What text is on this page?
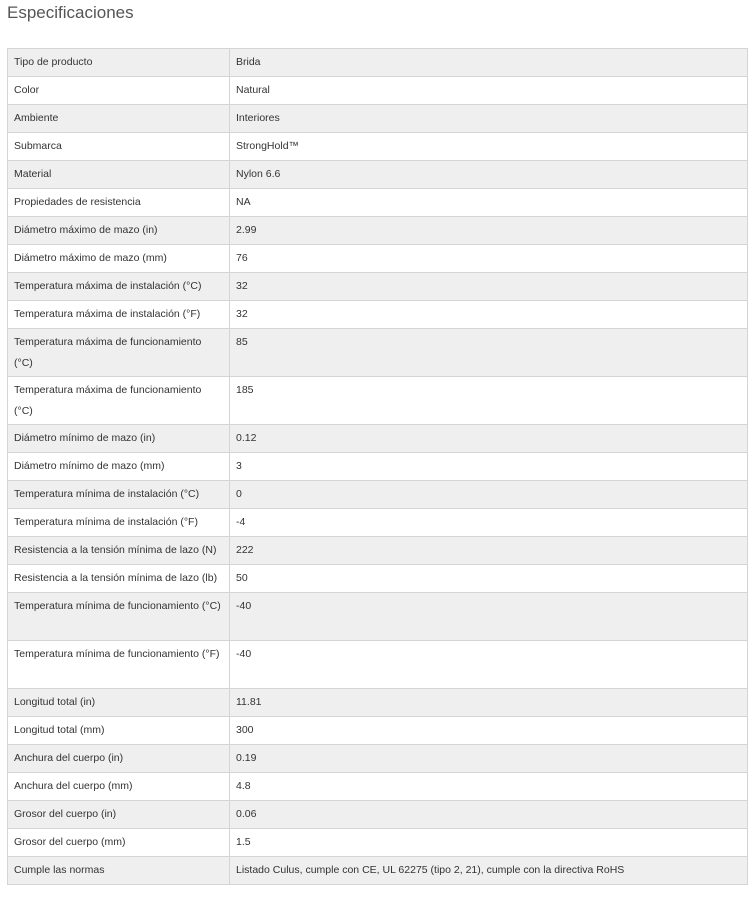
Especificaciones
Tipo de producto	Brida
Color	Natural
Ambiente	Interiores
Submarca	StrongHold™
Material	Nylon 6.6
Propiedades de resistencia	NA
Diámetro máximo de mazo (in)	2.99
Diámetro máximo de mazo (mm)	76
Temperatura máxima de instalación (°C)	32
Temperatura máxima de instalación (°F)	32
Temperatura máxima de funcionamiento (°C)	85
Temperatura máxima de funcionamiento (°C)	185
Diámetro mínimo de mazo (in)	0.12
Diámetro mínimo de mazo (mm)	3
Temperatura mínima de instalación (°C)	0
Temperatura mínima de instalación (°F)	-4
Resistencia a la tensión mínima de lazo (N)	222
Resistencia a la tensión mínima de lazo (lb)	50
Temperatura mínima de funcionamiento (°C)	-40
Temperatura mínima de funcionamiento (°F)	-40
Longitud total (in)	11.81
Longitud total (mm)	300
Anchura del cuerpo (in)	0.19
Anchura del cuerpo (mm)	4.8
Grosor del cuerpo (in)	0.06
Grosor del cuerpo (mm)	1.5
Cumple las normas	Listado Culus, cumple con CE, UL 62275 (tipo 2, 21), cumple con la directiva RoHS
